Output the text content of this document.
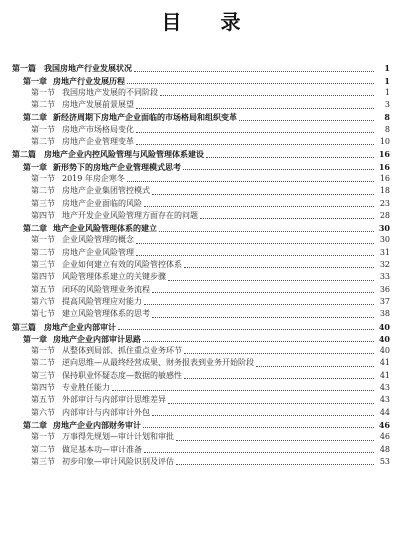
目 录
第一篇 我国房地产行业发展状况	1
第一章 房地产行业发展历程	1
第一节 我国房地产发展的不同阶段	1
第二节 房地产发展前景展望	3
第二章 新经济周期下房地产企业面临的市场格局和组织变革	8
第一节 房地产市场格局变化	8
第二节 房地产企业管理变革	10
第二篇 房地产企业内控风险管理与风险管理体系建设	16
第一章 新形势下的房地产企业管理模式思考	16
第一节 2019 年房企寒冬	16
第二节 房地产企业集团管控模式	18
第三节 房地产企业面临的风险	23
第四节 地产开发企业风险管理方面存在的问题	28
第二章 地产企业风险管理体系的建立	30
第一节 企业风险管理的概念	30
第二节 房地产企业风险管理	31
第三节 企业如何建立有效的风险管控体系	32
第四节 风险管理体系建立的关键步骤	33
第五节 闭环的风险管理业务流程	36
第六节 提高风险管理应对能力	37
第七节 建立风险管理体系的思考	38
第三篇 房地产企业内部审计	40
第一章 房地产企业内部审计思路	40
第一节 从整体到局部、抓住重点业务环节	40
第二节 逆向思维—从最终经营成果、财务报表到业务开始阶段	41
第三节 保持职业怀疑态度—数据的敏感性	41
第四节 专业胜任能力	43
第五节 外部审计与内部审计思维差异	43
第六节 内部审计与内部审计外包	44
第二章 房地产企业内部财务审计	46
第一节 万事得先规划—审计计划和审批	46
第二节 做足基本功—审计准备	48
第三节 初步印象—审计风险识别及评估	53
